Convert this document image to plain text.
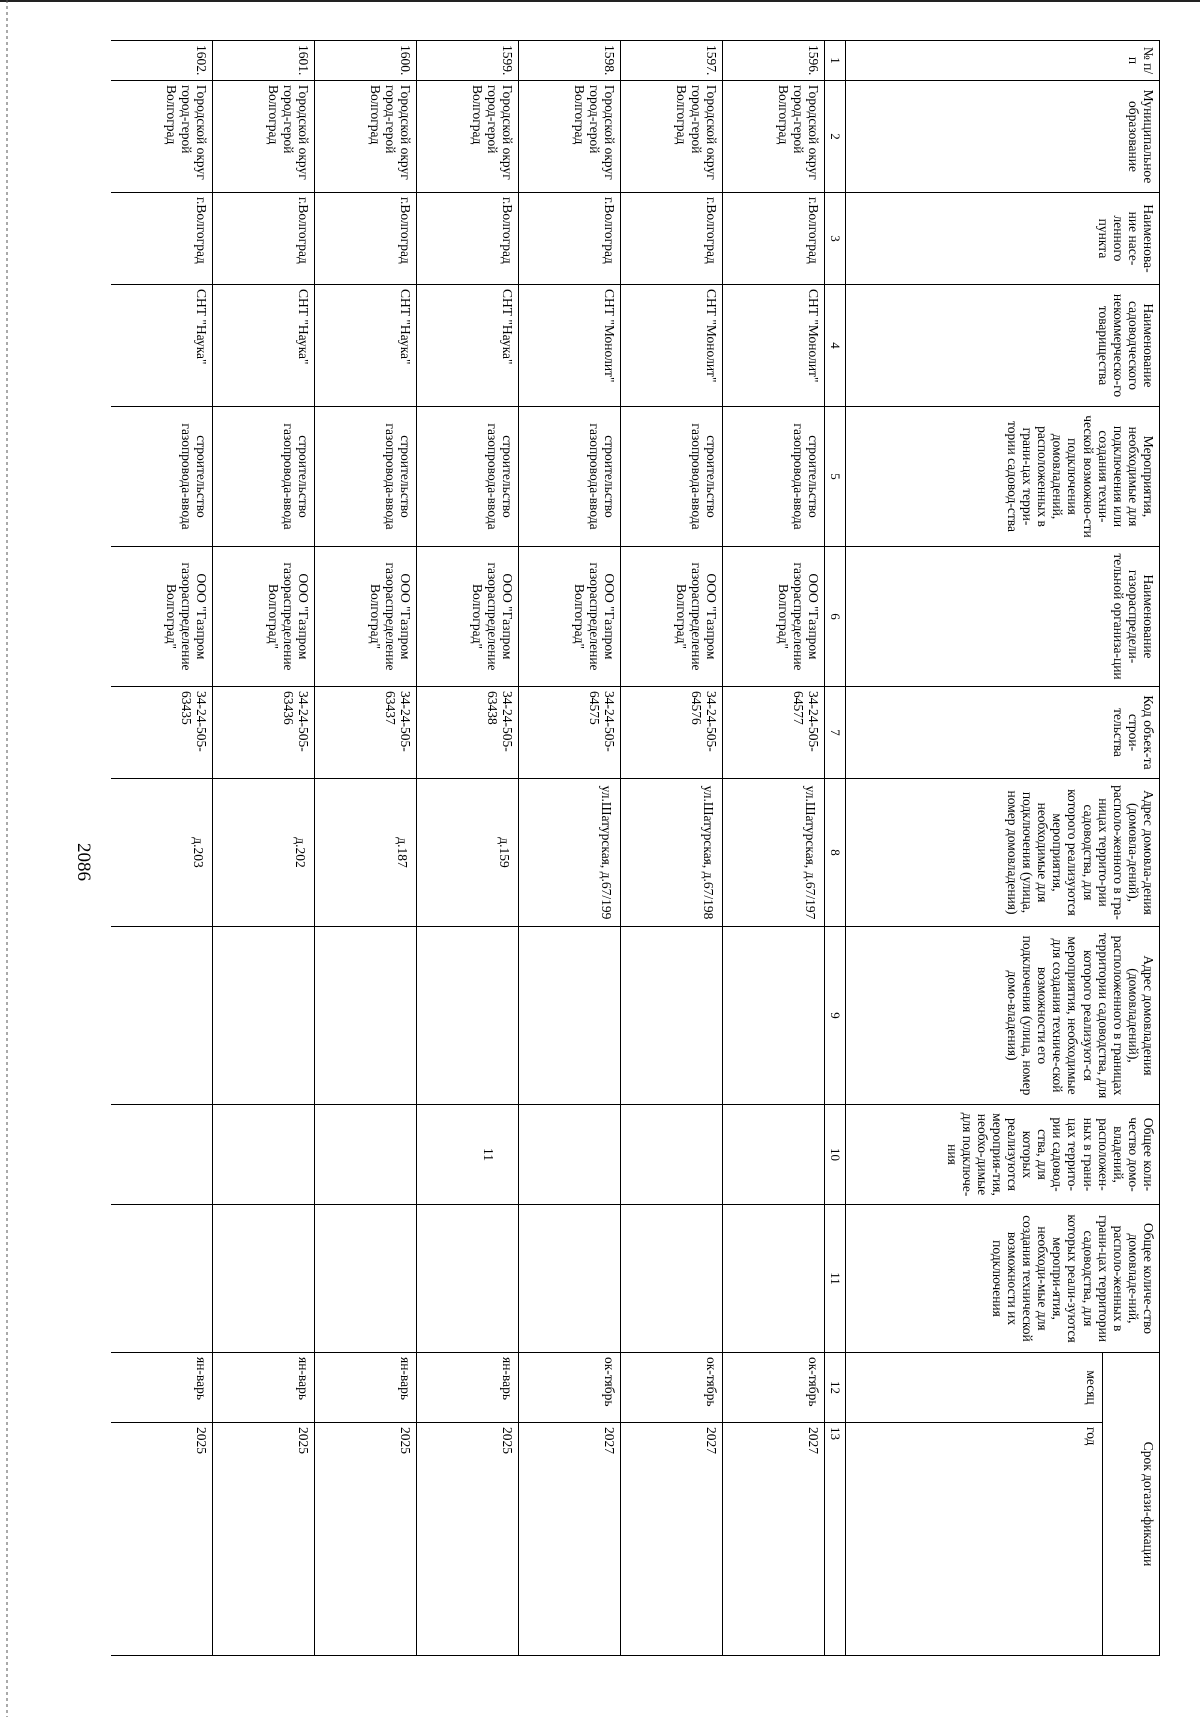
2086
№ п/п	Муниципальное образование	Наименова-ние насе-ленного пункта	Наименование садоводческого некоммерческо-го товарищества	Мероприятия, необходимые для подключения или создания техни-ческой возможно-сти подключения домовладений, расположенных в грани-цах терри-тории садовод-ства	Наименование газораспредели-тельной организа-ции	Код объек-та строи-тельства	Адрес домовла-дения (домовла-дений), располо-женного в гра-ницах террито-рии садоводства, для которого реализуются мероприятия, необходимые для подключения (улица, номер домовладения)	Адрес домовладения (домовладений), расположенного в границах территории садоводства, для которого реализуют-ся мероприятия, необходимые для создания техниче-ской возможности его подключения (улица, номер домо-владения)	Общее коли-чество домо-владений, расположен-ных в грани-цах террито-рии садовод-ства, для которых реализуются мероприя-тия, необхо-димые для подключе-ния	Общее количе-ство домовладе-ний, располо-женных в грани-цах территории садоводства, для которых реали-зуются меропри-ятия, необходи-мые для создания технической возможности их подключения	Срок догази-фикации	
											месяц	год
1	2	3	4	5	6	7	8	9	10	11	12	13
1596.	Городской округ город-герой Волгоград	г.Волгоград	СНТ "Монолит"	строительство газопровода-ввода	ООО "Газпром газораспределение Волгоград"	34-24-505-64577	ул.Шатурская, д.67/197				ок-тябрь	2027
1597.	Городской округ город-герой Волгоград	г.Волгоград	СНТ "Монолит"	строительство газопровода-ввода	ООО "Газпром газораспределение Волгоград"	34-24-505-64576	ул.Шатурская, д.67/198				ок-тябрь	2027
1598.	Городской округ город-герой Волгоград	г.Волгоград	СНТ "Монолит"	строительство газопровода-ввода	ООО "Газпром газораспределение Волгоград"	34-24-505-64575	ул.Шатурская, д.67/199				ок-тябрь	2027
1599.	Городской округ город-герой Волгоград	г.Волгоград	СНТ "Наука"	строительство газопровода-ввода	ООО "Газпром газораспределение Волгоград"	34-24-505-63438	д.159		11		ян-варь	2025
1600.	Городской округ город-герой Волгоград	г.Волгоград	СНТ "Наука"	строительство газопровода-ввода	ООО "Газпром газораспределение Волгоград"	34-24-505-63437	д.187				ян-варь	2025
1601.	Городской округ город-герой Волгоград	г.Волгоград	СНТ "Наука"	строительство газопровода-ввода	ООО "Газпром газораспределение Волгоград"	34-24-505-63436	д.202				ян-варь	2025
1602.	Городской округ город-герой Волгоград	г.Волгоград	СНТ "Наука"	строительство газопровода-ввода	ООО "Газпром газораспределение Волгоград"	34-24-505-63435	д.203				ян-варь	2025
